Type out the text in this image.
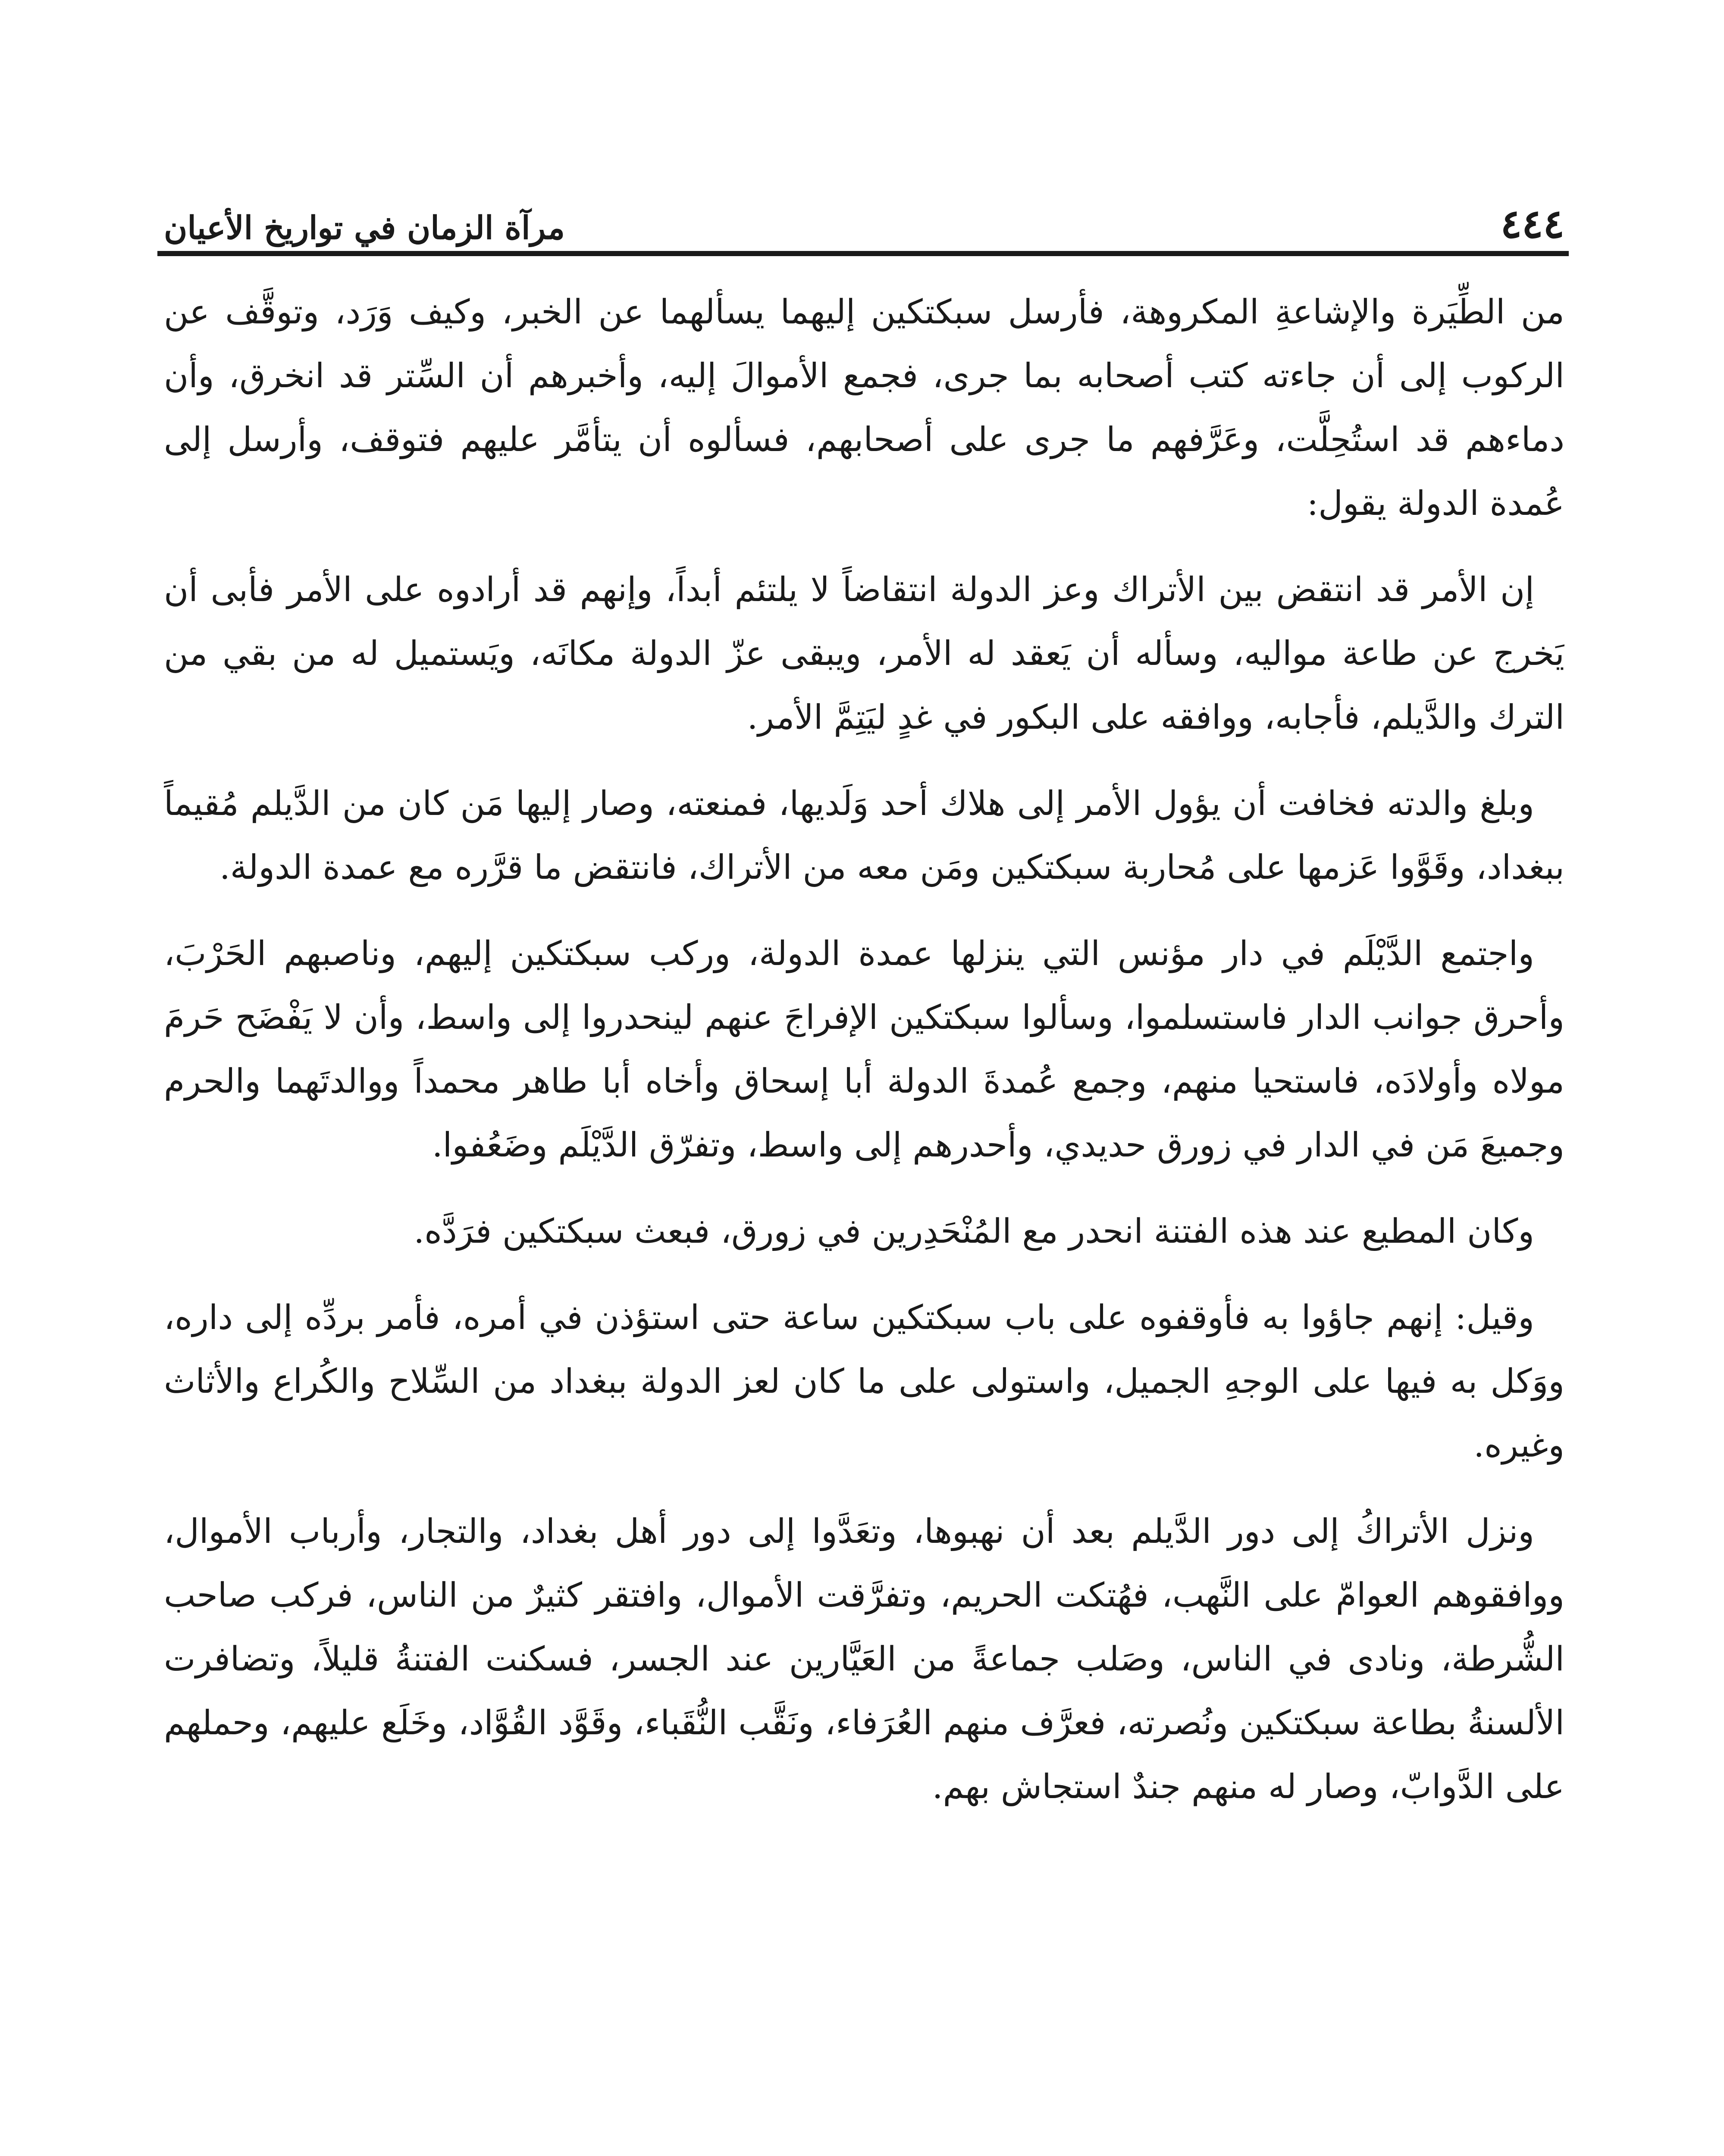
٤٤٤
مرآة الزمان في تواريخ الأعيان

من الطِّيَرة والإشاعةِ المكروهة، فأرسل سبكتكين إليهما يسألهما عن الخبر، وكيف وَرَد، وتوقَّف عن الركوب إلى أن جاءته كتب أصحابه بما جرى، فجمع الأموالَ إليه، وأخبرهم أن السِّتر قد انخرق، وأن دماءهم قد استُحِلَّت، وعَرَّفهم ما جرى على أصحابهم، فسألوه أن يتأمَّر عليهم فتوقف، وأرسل إلى عُمدة الدولة يقول:

إن الأمر قد انتقض بين الأتراك وعز الدولة انتقاضاً لا يلتئم أبداً، وإنهم قد أرادوه على الأمر فأبى أن يَخرج عن طاعة مواليه، وسأله أن يَعقد له الأمر، ويبقى عزّ الدولة مكانَه، ويَستميل له من بقي من الترك والدَّيلم، فأجابه، ووافقه على البكور في غدٍ ليَتِمَّ الأمر.

وبلغ والدته فخافت أن يؤول الأمر إلى هلاك أحد وَلَديها، فمنعته، وصار إليها مَن كان من الدَّيلم مُقيماً ببغداد، وقَوَّوا عَزمها على مُحاربة سبكتكين ومَن معه من الأتراك، فانتقض ما قرَّره مع عمدة الدولة.

واجتمع الدَّيْلَم في دار مؤنس التي ينزلها عمدة الدولة، وركب سبكتكين إليهم، وناصبهم الحَرْبَ، وأحرق جوانب الدار فاستسلموا، وسألوا سبكتكين الإفراجَ عنهم لينحدروا إلى واسط، وأن لا يَفْضَح حَرمَ مولاه وأولادَه، فاستحيا منهم، وجمع عُمدةَ الدولة أبا إسحاق وأخاه أبا طاهر محمداً ووالدتَهما والحرم وجميعَ مَن في الدار في زورق حديدي، وأحدرهم إلى واسط، وتفرّق الدَّيْلَم وضَعُفوا.

وكان المطيع عند هذه الفتنة انحدر مع المُنْحَدِرين في زورق، فبعث سبكتكين فرَدَّه.

وقيل: إنهم جاؤوا به فأوقفوه على باب سبكتكين ساعة حتى استؤذن في أمره، فأمر بردِّه إلى داره، ووَكل به فيها على الوجهِ الجميل، واستولى على ما كان لعز الدولة ببغداد من السِّلاح والكُراع والأثاث وغيره.

ونزل الأتراكُ إلى دور الدَّيلم بعد أن نهبوها، وتعَدَّوا إلى دور أهل بغداد، والتجار، وأرباب الأموال، ووافقوهم العوامّ على النَّهب، فهُتكت الحريم، وتفرَّقت الأموال، وافتقر كثيرٌ من الناس، فركب صاحب الشُّرطة، ونادى في الناس، وصَلب جماعةً من العَيَّارين عند الجسر، فسكنت الفتنةُ قليلاً، وتضافرت الألسنةُ بطاعة سبكتكين ونُصرته، فعرَّف منهم العُرَفاء، ونَقَّب النُّقَباء، وقَوَّد القُوَّاد، وخَلَع عليهم، وحملهم على الدَّوابّ، وصار له منهم جندٌ استجاش بهم.
